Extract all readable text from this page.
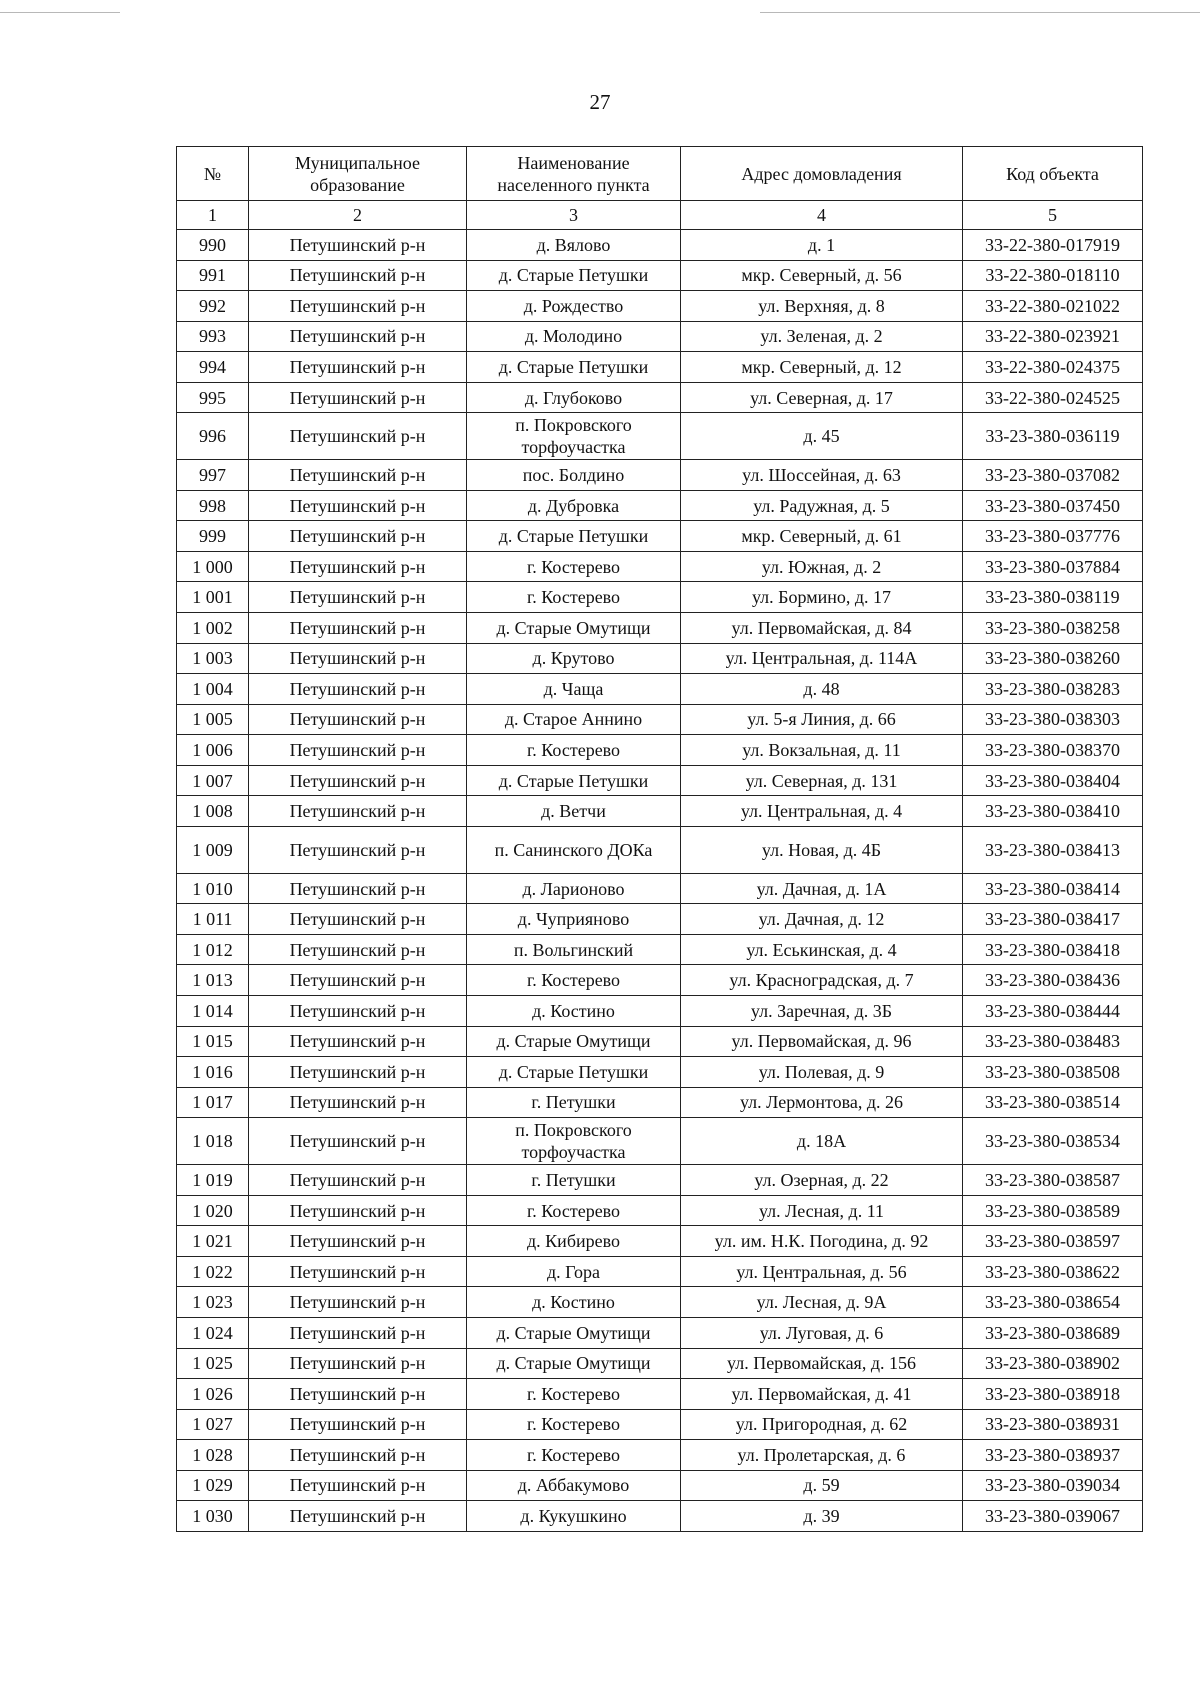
27
№	Муниципальное образование	Наименование населенного пункта	Адрес домовладения	Код объекта
1	2	3	4	5
990	Петушинский р-н	д. Вялово	д. 1	33-22-380-017919
991	Петушинский р-н	д. Старые Петушки	мкр. Северный, д. 56	33-22-380-018110
992	Петушинский р-н	д. Рождество	ул. Верхняя, д. 8	33-22-380-021022
993	Петушинский р-н	д. Молодино	ул. Зеленая, д. 2	33-22-380-023921
994	Петушинский р-н	д. Старые Петушки	мкр. Северный, д. 12	33-22-380-024375
995	Петушинский р-н	д. Глубоково	ул. Северная, д. 17	33-22-380-024525
996	Петушинский р-н	п. Покровского торфоучастка	д. 45	33-23-380-036119
997	Петушинский р-н	пос. Болдино	ул. Шоссейная, д. 63	33-23-380-037082
998	Петушинский р-н	д. Дубровка	ул. Радужная, д. 5	33-23-380-037450
999	Петушинский р-н	д. Старые Петушки	мкр. Северный, д. 61	33-23-380-037776
1 000	Петушинский р-н	г. Костерево	ул. Южная, д. 2	33-23-380-037884
1 001	Петушинский р-н	г. Костерево	ул. Бормино, д. 17	33-23-380-038119
1 002	Петушинский р-н	д. Старые Омутищи	ул. Первомайская, д. 84	33-23-380-038258
1 003	Петушинский р-н	д. Крутово	ул. Центральная, д. 114А	33-23-380-038260
1 004	Петушинский р-н	д. Чаща	д. 48	33-23-380-038283
1 005	Петушинский р-н	д. Старое Аннино	ул. 5-я Линия, д. 66	33-23-380-038303
1 006	Петушинский р-н	г. Костерево	ул. Вокзальная, д. 11	33-23-380-038370
1 007	Петушинский р-н	д. Старые Петушки	ул. Северная, д. 131	33-23-380-038404
1 008	Петушинский р-н	д. Ветчи	ул. Центральная, д. 4	33-23-380-038410
1 009	Петушинский р-н	п. Санинского ДОКа	ул. Новая, д. 4Б	33-23-380-038413
1 010	Петушинский р-н	д. Ларионово	ул. Дачная, д. 1А	33-23-380-038414
1 011	Петушинский р-н	д. Чуприяново	ул. Дачная, д. 12	33-23-380-038417
1 012	Петушинский р-н	п. Вольгинский	ул. Еськинская, д. 4	33-23-380-038418
1 013	Петушинский р-н	г. Костерево	ул. Красноградская, д. 7	33-23-380-038436
1 014	Петушинский р-н	д. Костино	ул. Заречная, д. 3Б	33-23-380-038444
1 015	Петушинский р-н	д. Старые Омутищи	ул. Первомайская, д. 96	33-23-380-038483
1 016	Петушинский р-н	д. Старые Петушки	ул. Полевая, д. 9	33-23-380-038508
1 017	Петушинский р-н	г. Петушки	ул. Лермонтова, д. 26	33-23-380-038514
1 018	Петушинский р-н	п. Покровского торфоучастка	д. 18А	33-23-380-038534
1 019	Петушинский р-н	г. Петушки	ул. Озерная, д. 22	33-23-380-038587
1 020	Петушинский р-н	г. Костерево	ул. Лесная, д. 11	33-23-380-038589
1 021	Петушинский р-н	д. Кибирево	ул. им. Н.К. Погодина, д. 92	33-23-380-038597
1 022	Петушинский р-н	д. Гора	ул. Центральная, д. 56	33-23-380-038622
1 023	Петушинский р-н	д. Костино	ул. Лесная, д. 9А	33-23-380-038654
1 024	Петушинский р-н	д. Старые Омутищи	ул. Луговая, д. 6	33-23-380-038689
1 025	Петушинский р-н	д. Старые Омутищи	ул. Первомайская, д. 156	33-23-380-038902
1 026	Петушинский р-н	г. Костерево	ул. Первомайская, д. 41	33-23-380-038918
1 027	Петушинский р-н	г. Костерево	ул. Пригородная, д. 62	33-23-380-038931
1 028	Петушинский р-н	г. Костерево	ул. Пролетарская, д. 6	33-23-380-038937
1 029	Петушинский р-н	д. Аббакумово	д. 59	33-23-380-039034
1 030	Петушинский р-н	д. Кукушкино	д. 39	33-23-380-039067
